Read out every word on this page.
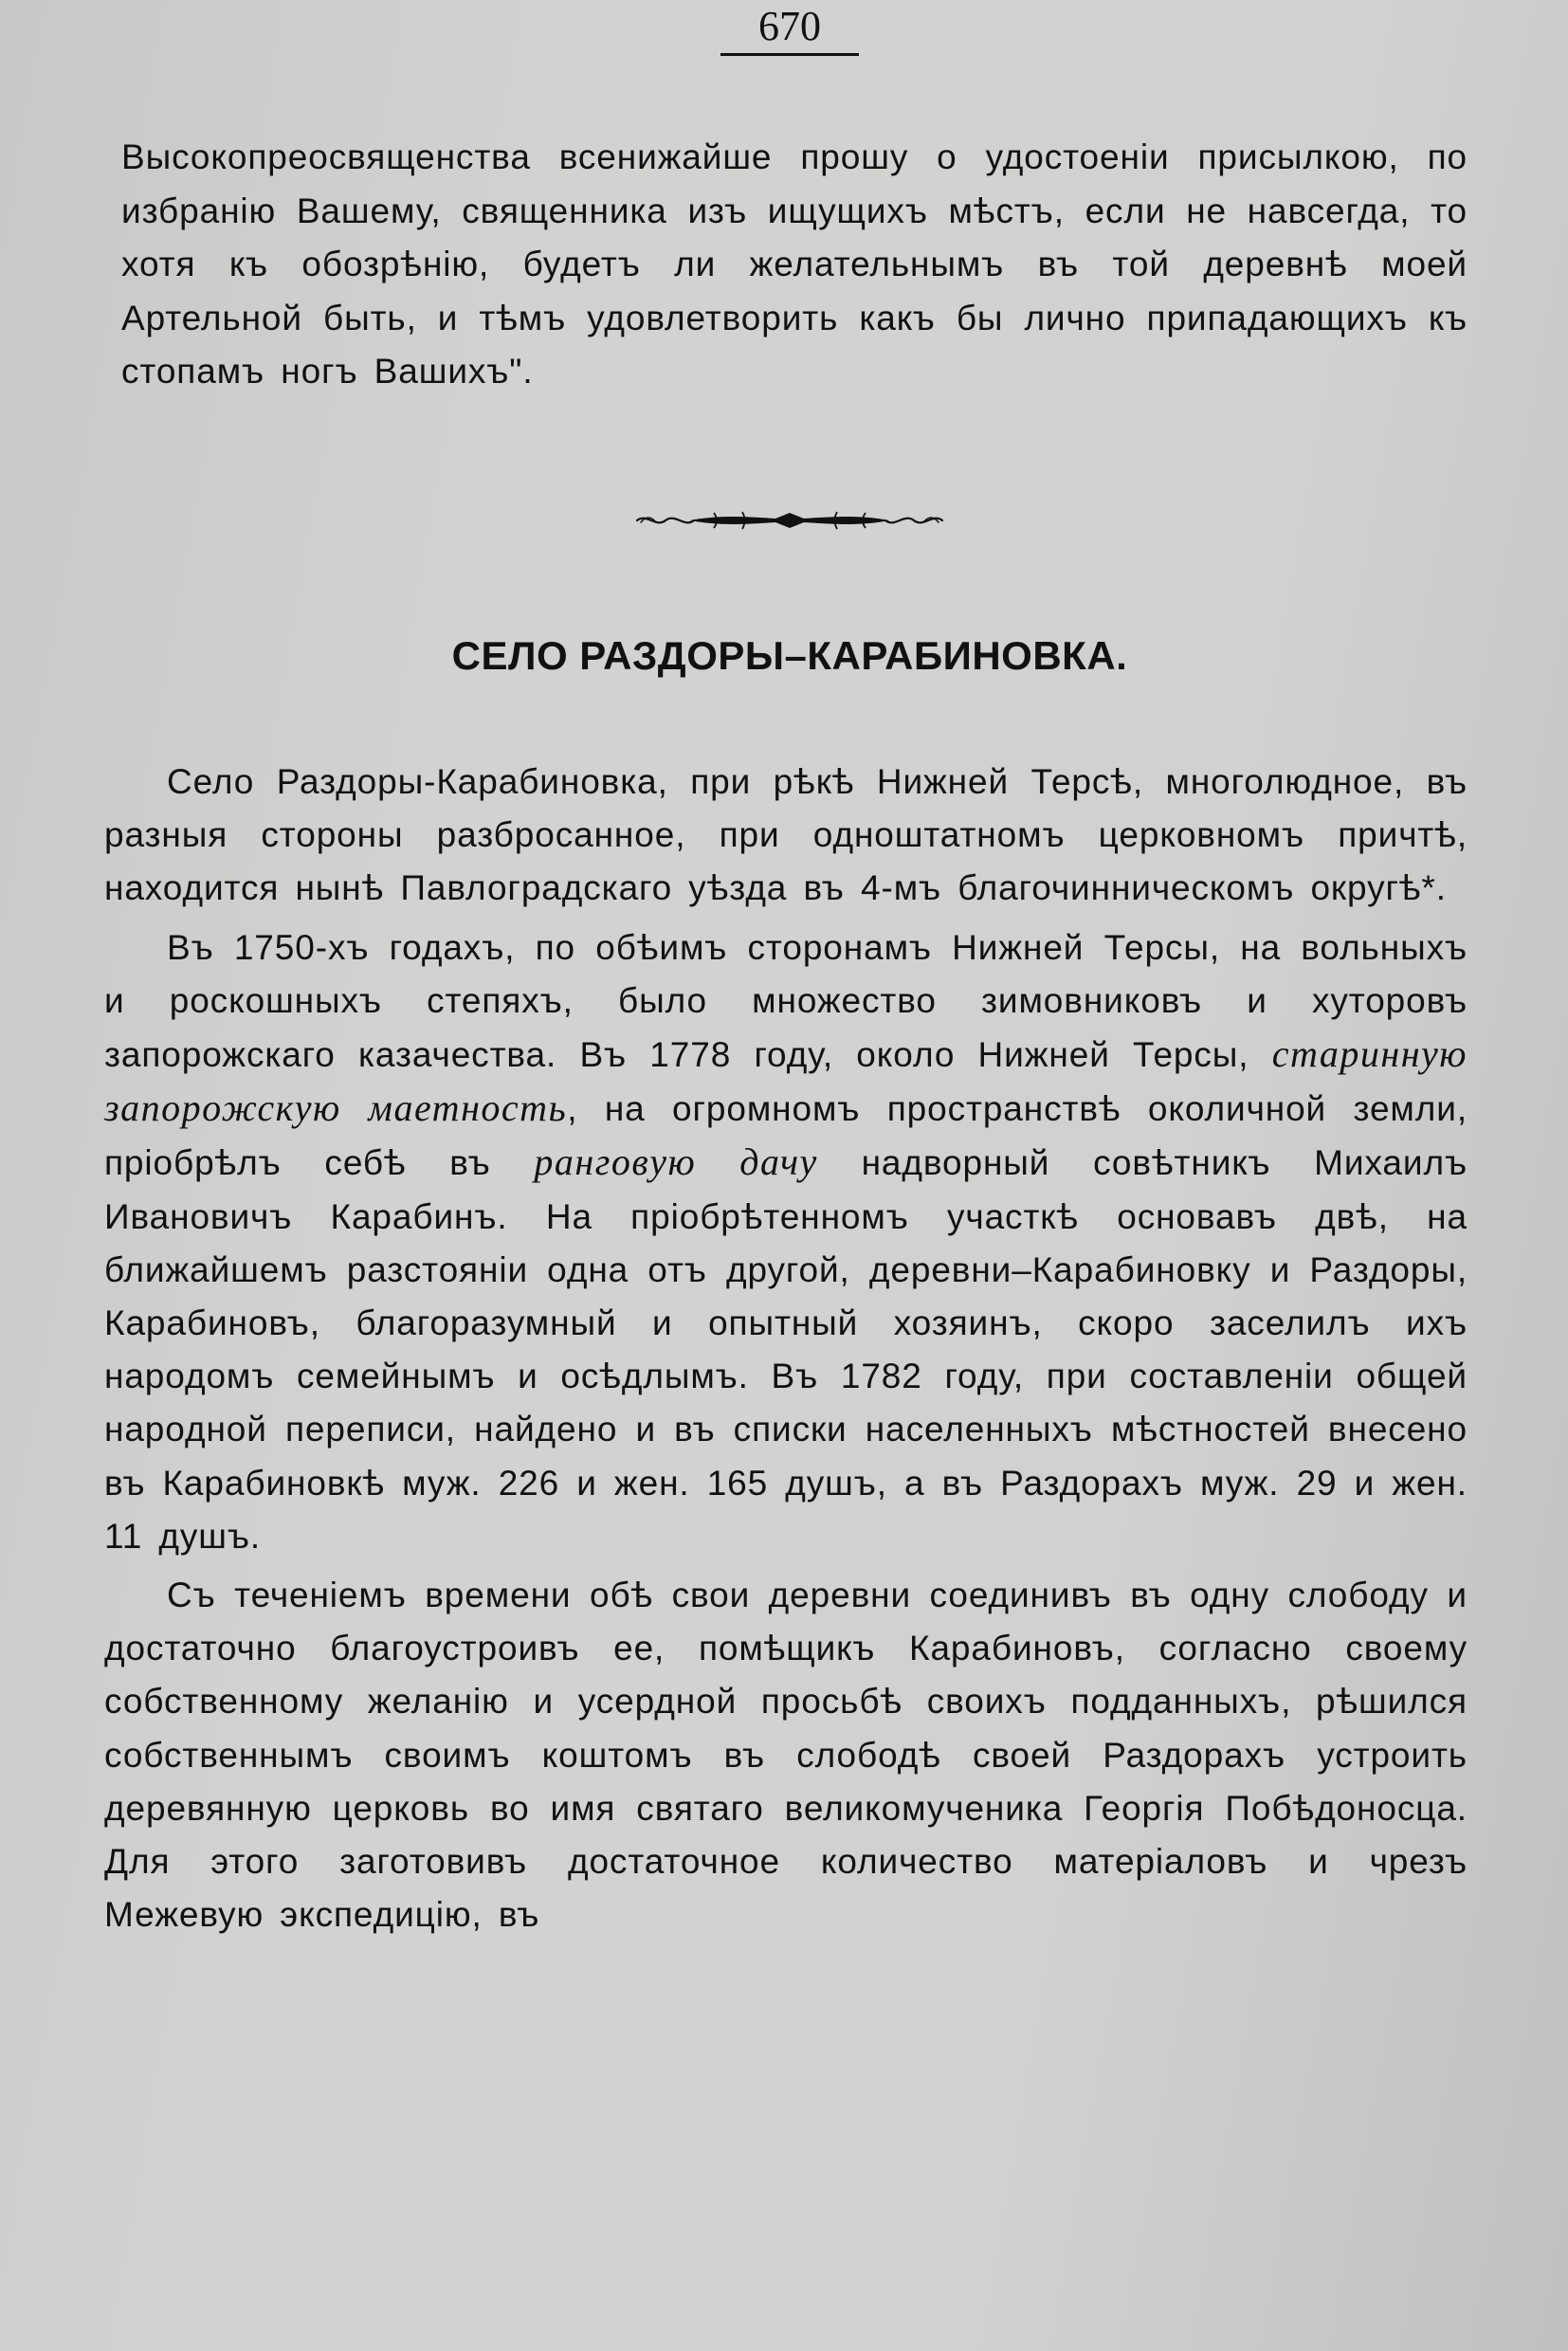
670

Высокопреосвященства всенижайше прошу о удостоеніи присылкою, по избранію Вашему, священника изъ ищущихъ мѣстъ, если не навсегда, то хотя къ обозрѣнію, будетъ ли желательнымъ въ той деревнѣ моей Артельной быть, и тѣмъ удовлетворить какъ бы лично припадающихъ къ стопамъ ногъ Вашихъ".

СЕЛО РАЗДОРЫ–КАРАБИНОВКА.

Село Раздоры-Карабиновка, при рѣкѣ Нижней Терсѣ, многолюдное, въ разныя стороны разбросанное, при одноштатномъ церковномъ причтѣ, находится нынѣ Павлоградскаго уѣзда въ 4-мъ благочинническомъ округѣ*.

Въ 1750-хъ годахъ, по обѣимъ сторонамъ Нижней Терсы, на вольныхъ и роскошныхъ степяхъ, было множество зимовниковъ и хуторовъ запорожскаго казачества. Въ 1778 году, около Нижней Терсы, старинную запорожскую маетность, на огромномъ пространствѣ околичной земли, пріобрѣлъ себѣ въ ранговую дачу надворный совѣтникъ Михаилъ Ивановичъ Карабинъ. На пріобрѣтенномъ участкѣ основавъ двѣ, на ближайшемъ разстояніи одна отъ другой, деревни–Карабиновку и Раздоры, Карабиновъ, благоразумный и опытный хозяинъ, скоро заселилъ ихъ народомъ семейнымъ и осѣдлымъ. Въ 1782 году, при составленіи общей народной переписи, найдено и въ списки населенныхъ мѣстностей внесено въ Карабиновкѣ муж. 226 и жен. 165 душъ, а въ Раздорахъ муж. 29 и жен. 11 душъ.

Съ теченіемъ времени обѣ свои деревни соединивъ въ одну слободу и достаточно благоустроивъ ее, помѣщикъ Карабиновъ, согласно своему собственному желанію и усердной просьбѣ своихъ подданныхъ, рѣшился собственнымъ своимъ коштомъ въ слободѣ своей Раздорахъ устроить деревянную церковь во имя святаго великомученика Георгія Побѣдоносца. Для этого заготовивъ достаточное количество матеріаловъ и чрезъ Межевую экспедицію, въ
